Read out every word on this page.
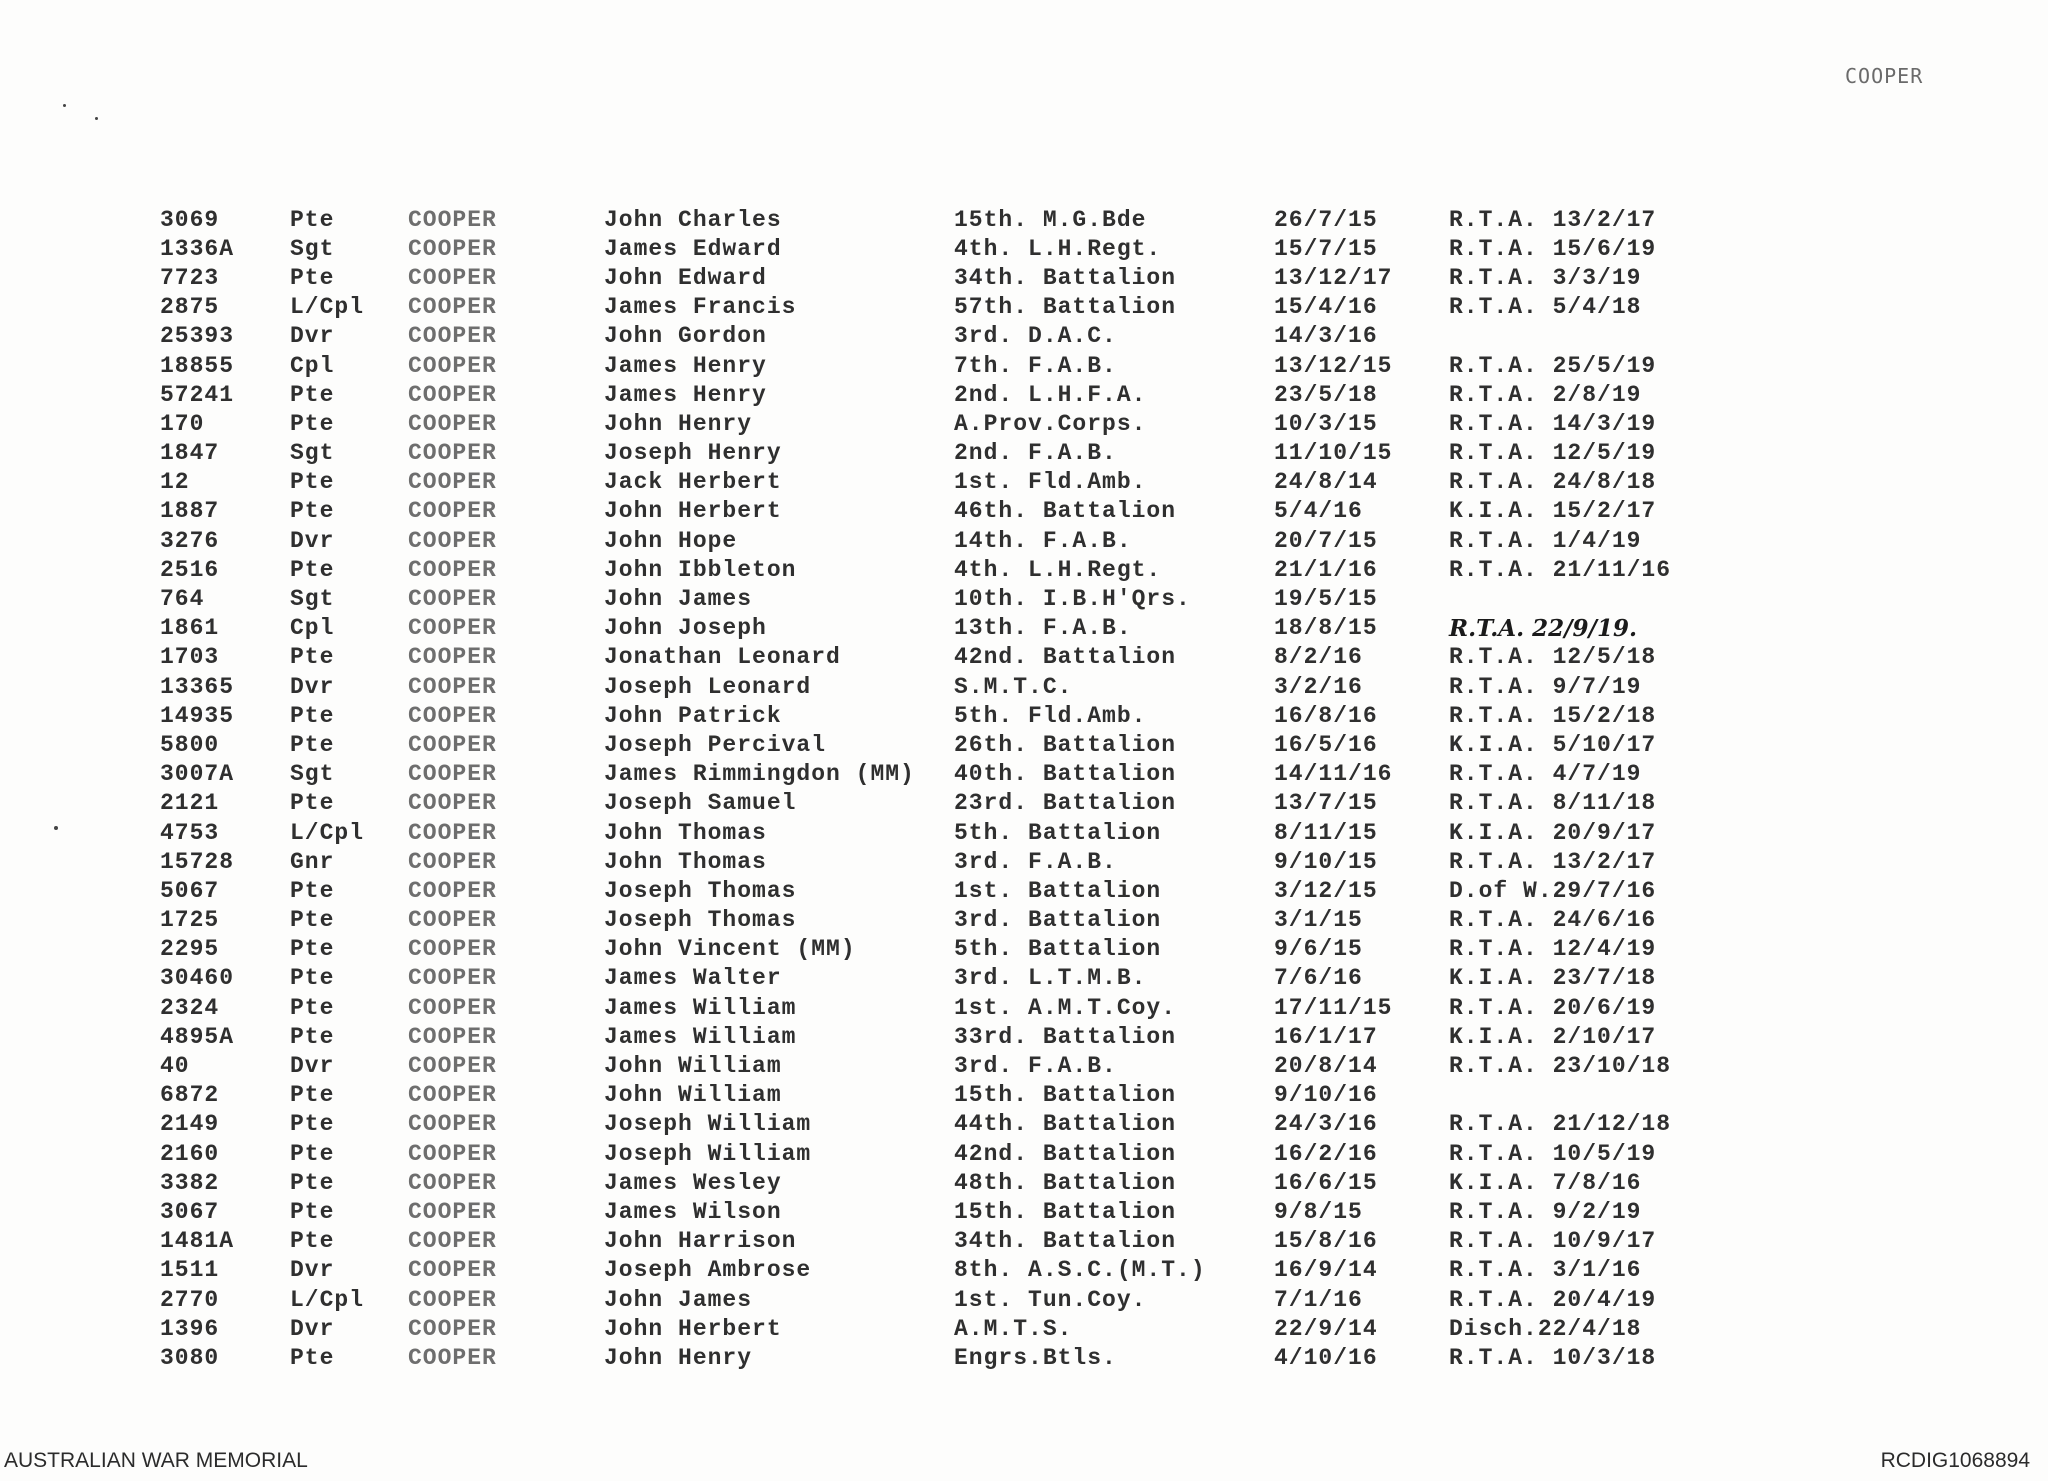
COOPER
3069	Pte	COOPER	John Charles	15th. M.G.Bde	26/7/15	R.T.A. 13/2/17
1336A	Sgt	COOPER	James Edward	4th. L.H.Regt.	15/7/15	R.T.A. 15/6/19
7723	Pte	COOPER	John Edward	34th. Battalion	13/12/17	R.T.A. 3/3/19
2875	L/Cpl	COOPER	James Francis	57th. Battalion	15/4/16	R.T.A. 5/4/18
25393	Dvr	COOPER	John Gordon	3rd. D.A.C.	14/3/16	
18855	Cpl	COOPER	James Henry	7th. F.A.B.	13/12/15	R.T.A. 25/5/19
57241	Pte	COOPER	James Henry	2nd. L.H.F.A.	23/5/18	R.T.A. 2/8/19
170	Pte	COOPER	John Henry	A.Prov.Corps.	10/3/15	R.T.A. 14/3/19
1847	Sgt	COOPER	Joseph Henry	2nd. F.A.B.	11/10/15	R.T.A. 12/5/19
12	Pte	COOPER	Jack Herbert	1st. Fld.Amb.	24/8/14	R.T.A. 24/8/18
1887	Pte	COOPER	John Herbert	46th. Battalion	5/4/16	K.I.A. 15/2/17
3276	Dvr	COOPER	John Hope	14th. F.A.B.	20/7/15	R.T.A. 1/4/19
2516	Pte	COOPER	John Ibbleton	4th. L.H.Regt.	21/1/16	R.T.A. 21/11/16
764	Sgt	COOPER	John James	10th. I.B.H'Qrs.	19/5/15	
1861	Cpl	COOPER	John Joseph	13th. F.A.B.	18/8/15	R.T.A. 22/9/19.
1703	Pte	COOPER	Jonathan Leonard	42nd. Battalion	8/2/16	R.T.A. 12/5/18
13365	Dvr	COOPER	Joseph Leonard	S.M.T.C.	3/2/16	R.T.A. 9/7/19
14935	Pte	COOPER	John Patrick	5th. Fld.Amb.	16/8/16	R.T.A. 15/2/18
5800	Pte	COOPER	Joseph Percival	26th. Battalion	16/5/16	K.I.A. 5/10/17
3007A	Sgt	COOPER	James Rimmingdon (MM)	40th. Battalion	14/11/16	R.T.A. 4/7/19
2121	Pte	COOPER	Joseph Samuel	23rd. Battalion	13/7/15	R.T.A. 8/11/18
4753	L/Cpl	COOPER	John Thomas	5th. Battalion	8/11/15	K.I.A. 20/9/17
15728	Gnr	COOPER	John Thomas	3rd. F.A.B.	9/10/15	R.T.A. 13/2/17
5067	Pte	COOPER	Joseph Thomas	1st. Battalion	3/12/15	D.of W.29/7/16
1725	Pte	COOPER	Joseph Thomas	3rd. Battalion	3/1/15	R.T.A. 24/6/16
2295	Pte	COOPER	John Vincent (MM)	5th. Battalion	9/6/15	R.T.A. 12/4/19
30460	Pte	COOPER	James Walter	3rd. L.T.M.B.	7/6/16	K.I.A. 23/7/18
2324	Pte	COOPER	James William	1st. A.M.T.Coy.	17/11/15	R.T.A. 20/6/19
4895A	Pte	COOPER	James William	33rd. Battalion	16/1/17	K.I.A. 2/10/17
40	Dvr	COOPER	John William	3rd. F.A.B.	20/8/14	R.T.A. 23/10/18
6872	Pte	COOPER	John William	15th. Battalion	9/10/16	
2149	Pte	COOPER	Joseph William	44th. Battalion	24/3/16	R.T.A. 21/12/18
2160	Pte	COOPER	Joseph William	42nd. Battalion	16/2/16	R.T.A. 10/5/19
3382	Pte	COOPER	James Wesley	48th. Battalion	16/6/15	K.I.A. 7/8/16
3067	Pte	COOPER	James Wilson	15th. Battalion	9/8/15	R.T.A. 9/2/19
1481A	Pte	COOPER	John Harrison	34th. Battalion	15/8/16	R.T.A. 10/9/17
1511	Dvr	COOPER	Joseph Ambrose	8th. A.S.C.(M.T.)	16/9/14	R.T.A. 3/1/16
2770	L/Cpl	COOPER	John James	1st. Tun.Coy.	7/1/16	R.T.A. 20/4/19
1396	Dvr	COOPER	John Herbert	A.M.T.S.	22/9/14	Disch.22/4/18
3080	Pte	COOPER	John Henry	Engrs.Btls.	4/10/16	R.T.A. 10/3/18
AUSTRALIAN WAR MEMORIAL	RCDIG1068894
